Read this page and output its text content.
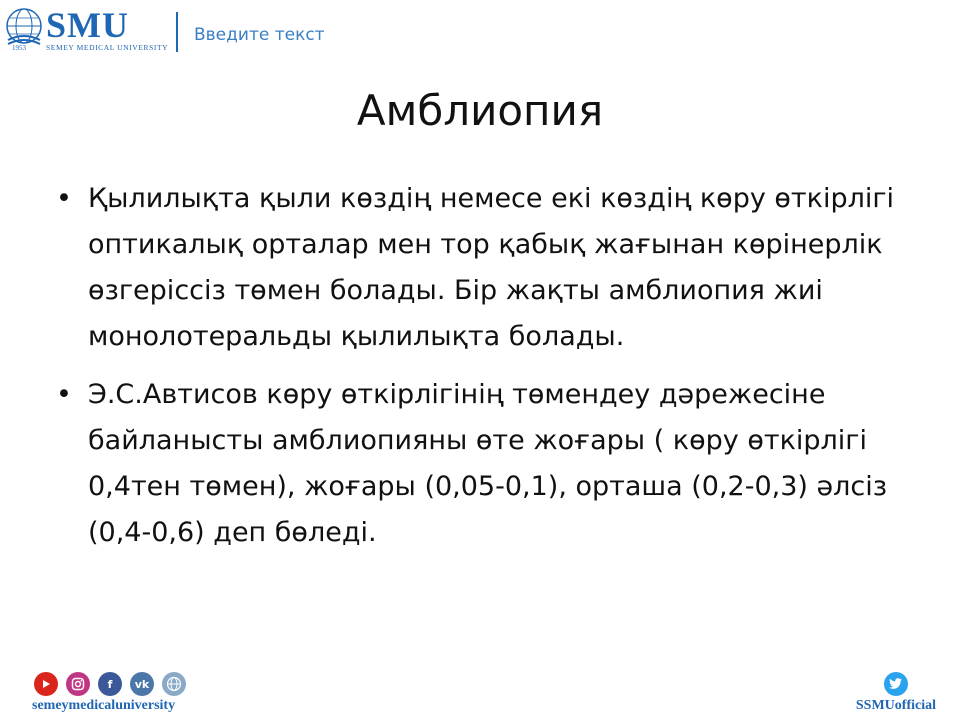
1953
SMU
SEMEY MEDICAL UNIVERSITY
Введите текст
Амблиопия
• Қылилықта қыли көздің немесе екі көздің көру өткірлігі оптикалық орталар мен тор қабық жағынан көрінерлік өзгеріссіз төмен болады. Бір жақты амблиопия жиі монолотеральды қылилықта болады.
• Э.С.Автисов көру өткірлігінің төмендеу дәрежесіне байланысты амблиопияны өте жоғары ( көру өткірлігі 0,4тен төмен), жоғары (0,05-0,1), орташа (0,2-0,3) әлсіз (0,4-0,6) деп бөледі.
f	vk
semeymedicaluniversity	SSMUofficial
